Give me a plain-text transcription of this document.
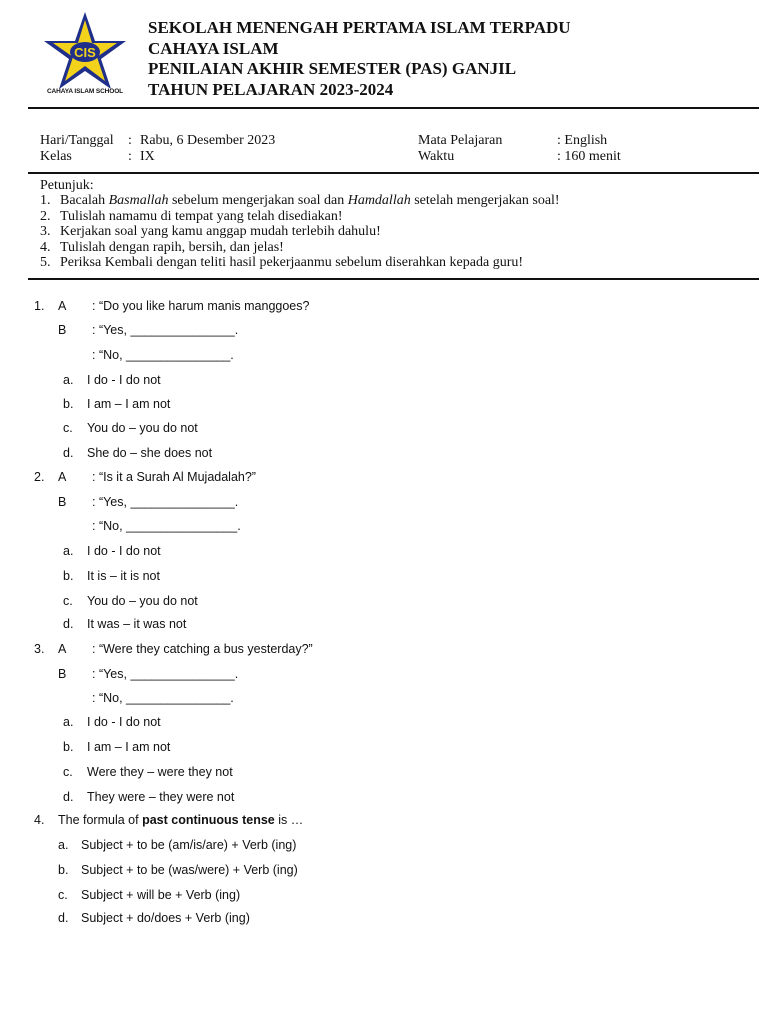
CIS
CAHAYA ISLAM SCHOOL
SEKOLAH MENENGAH PERTAMA ISLAM TERPADU
CAHAYA ISLAM
PENILAIAN AKHIR SEMESTER (PAS) GANJIL
TAHUN PELAJARAN 2023-2024
Hari/Tanggal	: Rabu, 6 Desember 2023
Kelas	: IX
Mata Pelajaran	: English
Waktu	: 160 menit
Petunjuk:
1. Bacalah Basmallah sebelum mengerjakan soal dan Hamdallah setelah mengerjakan soal!
2. Tulislah namamu di tempat yang telah disediakan!
3. Kerjakan soal yang kamu anggap mudah terlebih dahulu!
4. Tulislah dengan rapih, bersih, dan jelas!
5. Periksa Kembali dengan teliti hasil pekerjaanmu sebelum diserahkan kepada guru!
1. A : “Do you like harum manis manggoes?
B : “Yes, _______________.
: “No, _______________.
a. I do - I do not
b. I am – I am not
c. You do – you do not
d. She do – she does not
2. A : “Is it a Surah Al Mujadalah?”
B : “Yes, _______________.
: “No, ________________.
a. I do - I do not
b. It is – it is not
c. You do – you do not
d. It was – it was not
3. A : “Were they catching a bus yesterday?”
B : “Yes, _______________.
: “No, _______________.
a. I do - I do not
b. I am – I am not
c. Were they – were they not
d. They were – they were not
4. The formula of past continuous tense is …
a. Subject + to be (am/is/are) + Verb (ing)
b. Subject + to be (was/were) + Verb (ing)
c. Subject + will be + Verb (ing)
d. Subject + do/does + Verb (ing)
